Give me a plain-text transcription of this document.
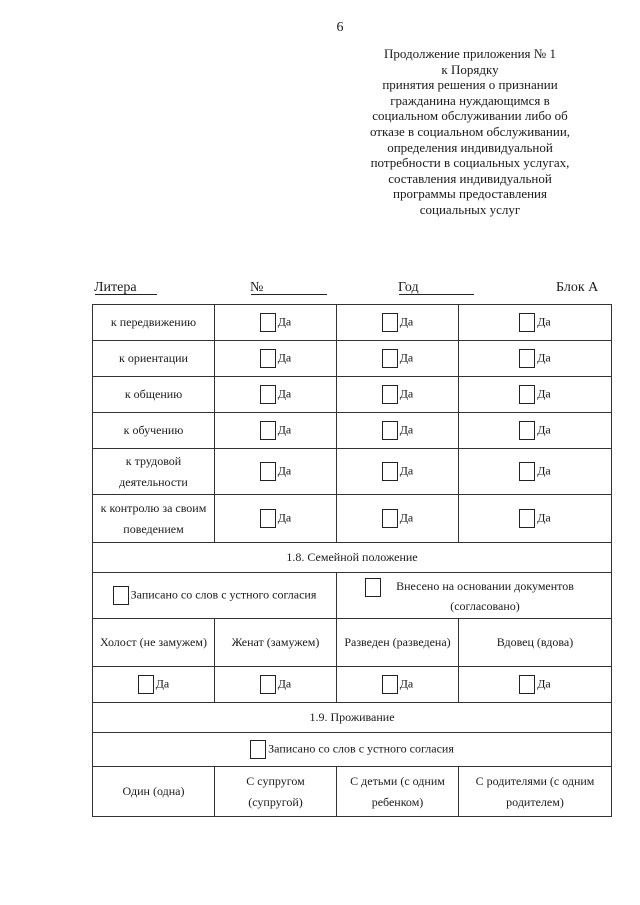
6
Продолжение приложения № 1
к Порядку
принятия решения о признании
гражданина нуждающимся в
социальном обслуживании либо об
отказе в социальном обслуживании,
определения индивидуальной
потребности в социальных услугах,
составления индивидуальной
программы предоставления
социальных услуг
Литера	№	Год	Блок А
к передвижению	Да	Да	Да
к ориентации	Да	Да	Да
к общению	Да	Да	Да
к обучению	Да	Да	Да
к трудовой деятельности	Да	Да	Да
к контролю за своим поведением	Да	Да	Да
1.8. Семейной положение			
Записано со слов с устного согласия		Внесено на основании документов (согласовано)	

Холост (не замужем)	Женат (замужем)	Разведен (разведена)	Вдовец (вдова)
Да	Да	Да	Да
1.9. Проживание			
Записано со слов с устного согласия			
Один (одна)	С супругом (супругой)	С детьми (с одним ребенком)	С родителями (с одним родителем)
